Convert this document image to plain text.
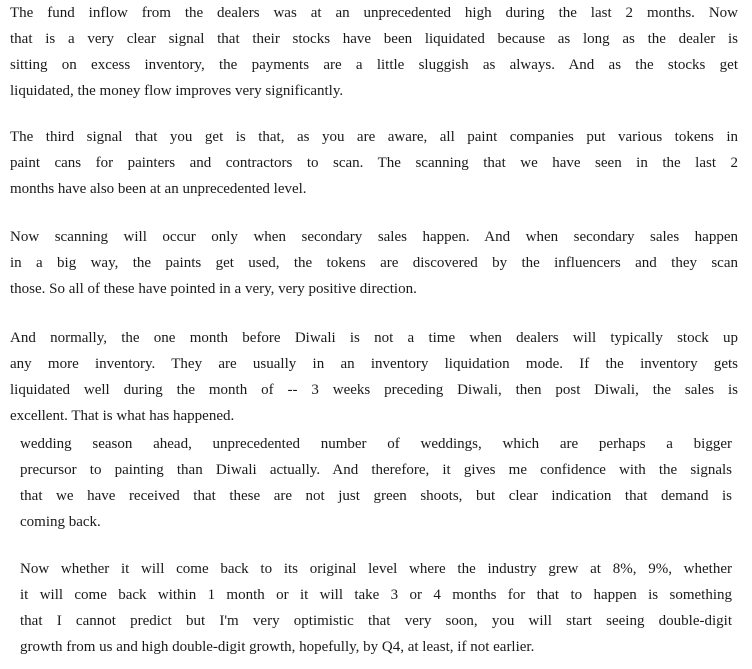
The fund inflow from the dealers was at an unprecedented high during the last 2 months. Now
that is a very clear signal that their stocks have been liquidated because as long as the dealer is
sitting on excess inventory, the payments are a little sluggish as always. And as the stocks get
liquidated, the money flow improves very significantly.

The third signal that you get is that, as you are aware, all paint companies put various tokens in
paint cans for painters and contractors to scan. The scanning that we have seen in the last 2
months have also been at an unprecedented level.

Now scanning will occur only when secondary sales happen. And when secondary sales happen
in a big way, the paints get used, the tokens are discovered by the influencers and they scan
those. So all of these have pointed in a very, very positive direction.

And normally, the one month before Diwali is not a time when dealers will typically stock up
any more inventory. They are usually in an inventory liquidation mode. If the inventory gets
liquidated well during the month of -- 3 weeks preceding Diwali, then post Diwali, the sales is
excellent. That is what has happened.

wedding season ahead, unprecedented number of weddings, which are perhaps a bigger
precursor to painting than Diwali actually. And therefore, it gives me confidence with the signals
that we have received that these are not just green shoots, but clear indication that demand is
coming back.

Now whether it will come back to its original level where the industry grew at 8%, 9%, whether
it will come back within 1 month or it will take 3 or 4 months for that to happen is something
that I cannot predict but I'm very optimistic that very soon, you will start seeing double-digit
growth from us and high double-digit growth, hopefully, by Q4, at least, if not earlier.
